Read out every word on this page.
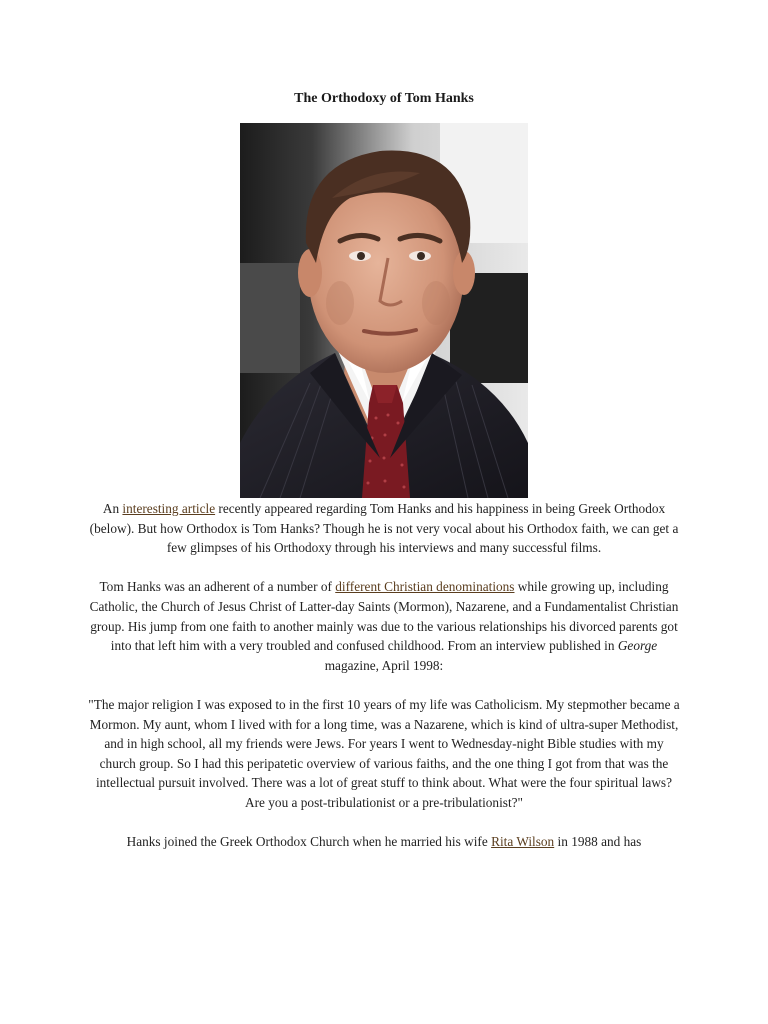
The Orthodoxy of Tom Hanks

An interesting article recently appeared regarding Tom Hanks and his happiness in being Greek Orthodox (below). But how Orthodox is Tom Hanks? Though he is not very vocal about his Orthodox faith, we can get a few glimpses of his Orthodoxy through his interviews and many successful films.

Tom Hanks was an adherent of a number of different Christian denominations while growing up, including Catholic, the Church of Jesus Christ of Latter-day Saints (Mormon), Nazarene, and a Fundamentalist Christian group. His jump from one faith to another mainly was due to the various relationships his divorced parents got into that left him with a very troubled and confused childhood. From an interview published in George magazine, April 1998:

"The major religion I was exposed to in the first 10 years of my life was Catholicism. My stepmother became a Mormon. My aunt, whom I lived with for a long time, was a Nazarene, which is kind of ultra-super Methodist, and in high school, all my friends were Jews. For years I went to Wednesday-night Bible studies with my church group. So I had this peripatetic overview of various faiths, and the one thing I got from that was the intellectual pursuit involved. There was a lot of great stuff to think about. What were the four spiritual laws? Are you a post-tribulationist or a pre-tribulationist?"

Hanks joined the Greek Orthodox Church when he married his wife Rita Wilson in 1988 and has
